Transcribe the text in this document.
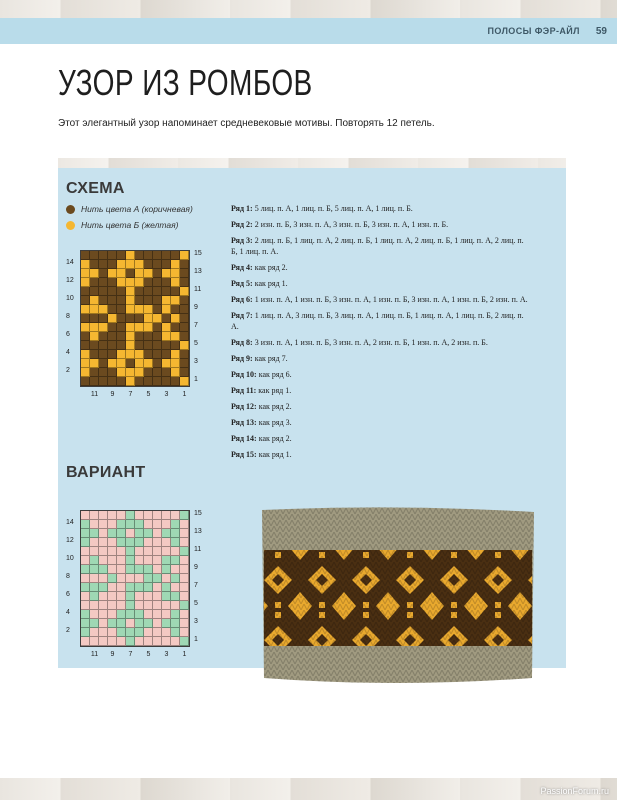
ПОЛОСЫ ФЭР-АЙЛ 59
УЗОР ИЗ РОМБОВ
Этот элегантный узор напоминает средневековые мотивы. Повторять 12 петель.
СХЕМА
Нить цвета А (коричневая)
Нить цвета Б (желтая)
14
12
10
8
6
4
2
15
13
11
9
7
5
3
1
11	9	7	5	3	1
ВАРИАНТ
14
12
10
8
6
4
2
15
13
11
9
7
5
3
1
11	9	7	5	3	1
Ряд 1: 5 лиц. п. А, 1 лиц. п. Б, 5 лиц. п. А, 1 лиц. п. Б.
Ряд 2: 2 изн. п. Б, 3 изн. п. А, 3 изн. п. Б, 3 изн. п. А, 1 изн. п. Б.
Ряд 3: 2 лиц. п. Б, 1 лиц. п. А, 2 лиц. п. Б, 1 лиц. п. А, 2 лиц. п. Б, 1 лиц. п. А, 2 лиц. п. Б, 1 лиц. п. А.
Ряд 4: как ряд 2.
Ряд 5: как ряд 1.
Ряд 6: 1 изн. п. А, 1 изн. п. Б, 3 изн. п. А, 1 изн. п. Б, 3 изн. п. А, 1 изн. п. Б, 2 изн. п. А.
Ряд 7: 1 лиц. п. А, 3 лиц. п. Б, 3 лиц. п. А, 1 лиц. п. Б, 1 лиц. п. А, 1 лиц. п. Б, 2 лиц. п. А.
Ряд 8: 3 изн. п. А, 1 изн. п. Б, 3 изн. п. А, 2 изн. п. Б, 1 изн. п. А, 2 изн. п. Б.
Ряд 9: как ряд 7.
Ряд 10: как ряд 6.
Ряд 11: как ряд 1.
Ряд 12: как ряд 2.
Ряд 13: как ряд 3.
Ряд 14: как ряд 2.
Ряд 15: как ряд 1.
PassionForum.ru
